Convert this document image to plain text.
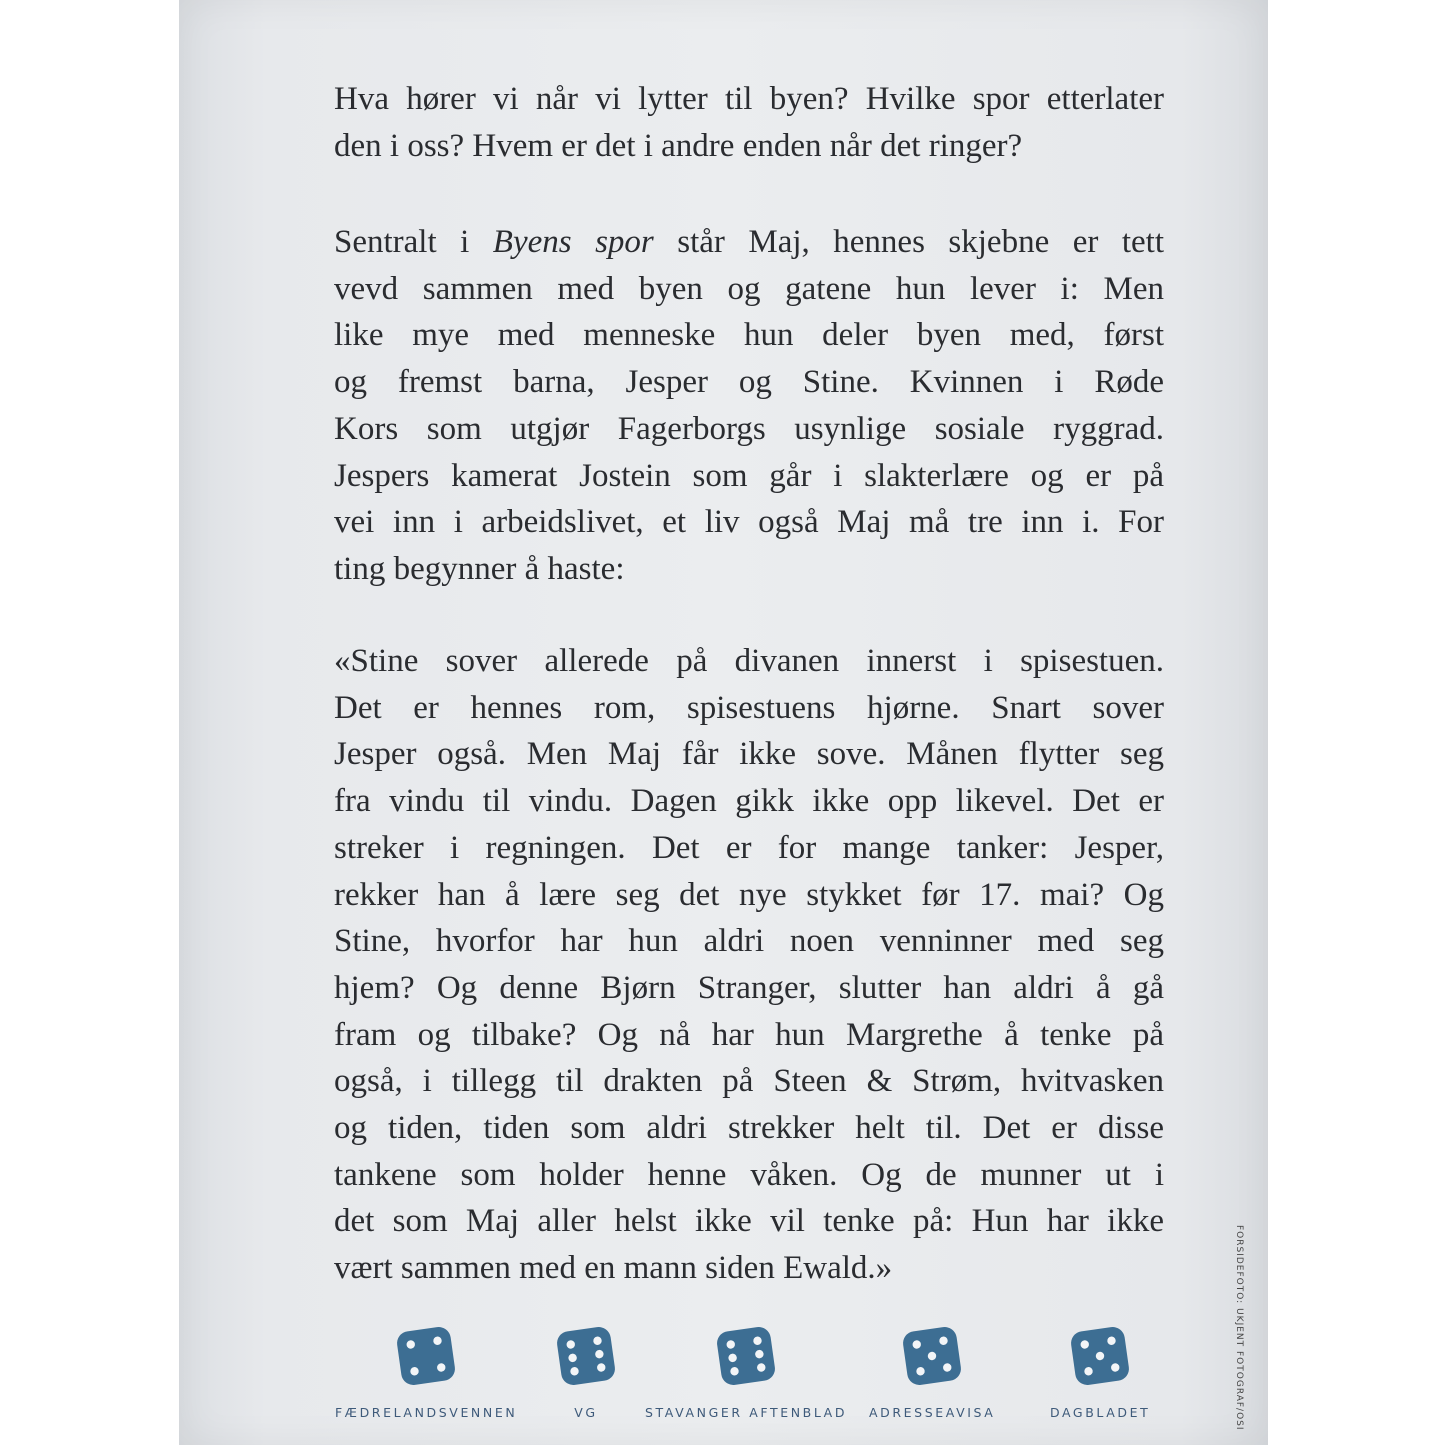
Hva hører vi når vi lytter til byen? Hvilke spor etterlater
den i oss? Hvem er det i andre enden når det ringer?
Sentralt i Byens spor står Maj, hennes skjebne er tett
vevd sammen med byen og gatene hun lever i: Men
like mye med menneske hun deler byen med, først
og fremst barna, Jesper og Stine. Kvinnen i Røde
Kors som utgjør Fagerborgs usynlige sosiale ryggrad.
Jespers kamerat Jostein som går i slakterlære og er på
vei inn i arbeidslivet, et liv også Maj må tre inn i. For
ting begynner å haste:
«Stine sover allerede på divanen innerst i spisestuen.
Det er hennes rom, spisestuens hjørne. Snart sover
Jesper også. Men Maj får ikke sove. Månen flytter seg
fra vindu til vindu. Dagen gikk ikke opp likevel. Det er
streker i regningen. Det er for mange tanker: Jesper,
rekker han å lære seg det nye stykket før 17. mai? Og
Stine, hvorfor har hun aldri noen venninner med seg
hjem? Og denne Bjørn Stranger, slutter han aldri å gå
fram og tilbake? Og nå har hun Margrethe å tenke på
også, i tillegg til drakten på Steen & Strøm, hvitvasken
og tiden, tiden som aldri strekker helt til. Det er disse
tankene som holder henne våken. Og de munner ut i
det som Maj aller helst ikke vil tenke på: Hun har ikke
vært sammen med en mann siden Ewald.»
FÆDRELANDSVENNEN	VG	STAVANGER AFTENBLAD ADRESSEAVISA	DAGBLADET	FORSIDEFOTO: UKJENT FOTOGRAF/OSI
